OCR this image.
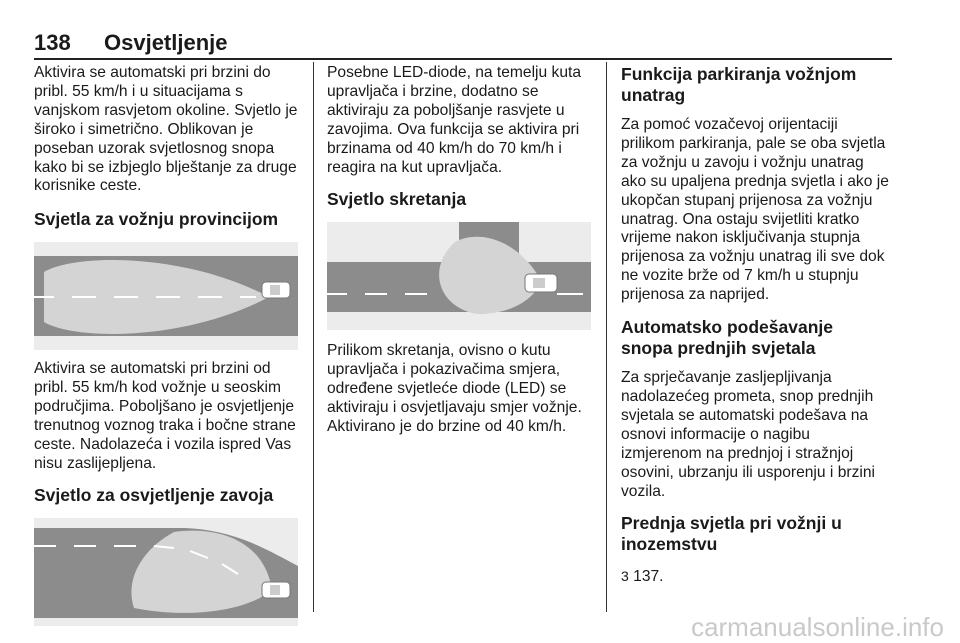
138 Osvjetljenje

Aktivira se automatski pri brzini do pribl. 55 km/h i u situacijama s vanjskom rasvjetom okoline. Svjetlo je široko i simetrično. Oblikovan je poseban uzorak svjetlosnog snopa kako bi se izbjeglo blještanje za druge korisnike ceste.

Svjetla za vožnju provincijom

Aktivira se automatski pri brzini od pribl. 55 km/h kod vožnje u seoskim područjima. Poboljšano je osvjetljenje trenutnog voznog traka i bočne strane ceste. Nadolazeća i vozila ispred Vas nisu zaslijepljena.

Svjetlo za osvjetljenje zavoja

Posebne LED-diode, na temelju kuta upravljača i brzine, dodatno se aktiviraju za poboljšanje rasvjete u zavojima. Ova funkcija se aktivira pri brzinama od 40 km/h do 70 km/h i reagira na kut upravljača.

Svjetlo skretanja

Prilikom skretanja, ovisno o kutu upravljača i pokazivačima smjera, određene svjetleće diode (LED) se aktiviraju i osvjetljavaju smjer vožnje. Aktivirano je do brzine od 40 km/h.

Funkcija parkiranja vožnjom unatrag

Za pomoć vozačevoj orijentaciji prilikom parkiranja, pale se oba svjetla za vožnju u zavoju i vožnju unatrag ako su upaljena prednja svjetla i ako je ukopčan stupanj prijenosa za vožnju unatrag. Ona ostaju svijetliti kratko vrijeme nakon isključivanja stupnja prijenosa za vožnju unatrag ili sve dok ne vozite brže od 7 km/h u stupnju prijenosa za naprijed.

Automatsko podešavanje snopa prednjih svjetala

Za sprječavanje zasljepljivanja nadolazećeg prometa, snop prednjih svjetala se automatski podešava na osnovi informacije o nagibu izmjerenom na prednjoj i stražnjoj osovini, ubrzanju ili usporenju i brzini vozila.

Prednja svjetla pri vožnji u inozemstvu

3 137.

carmanualsonline.info
